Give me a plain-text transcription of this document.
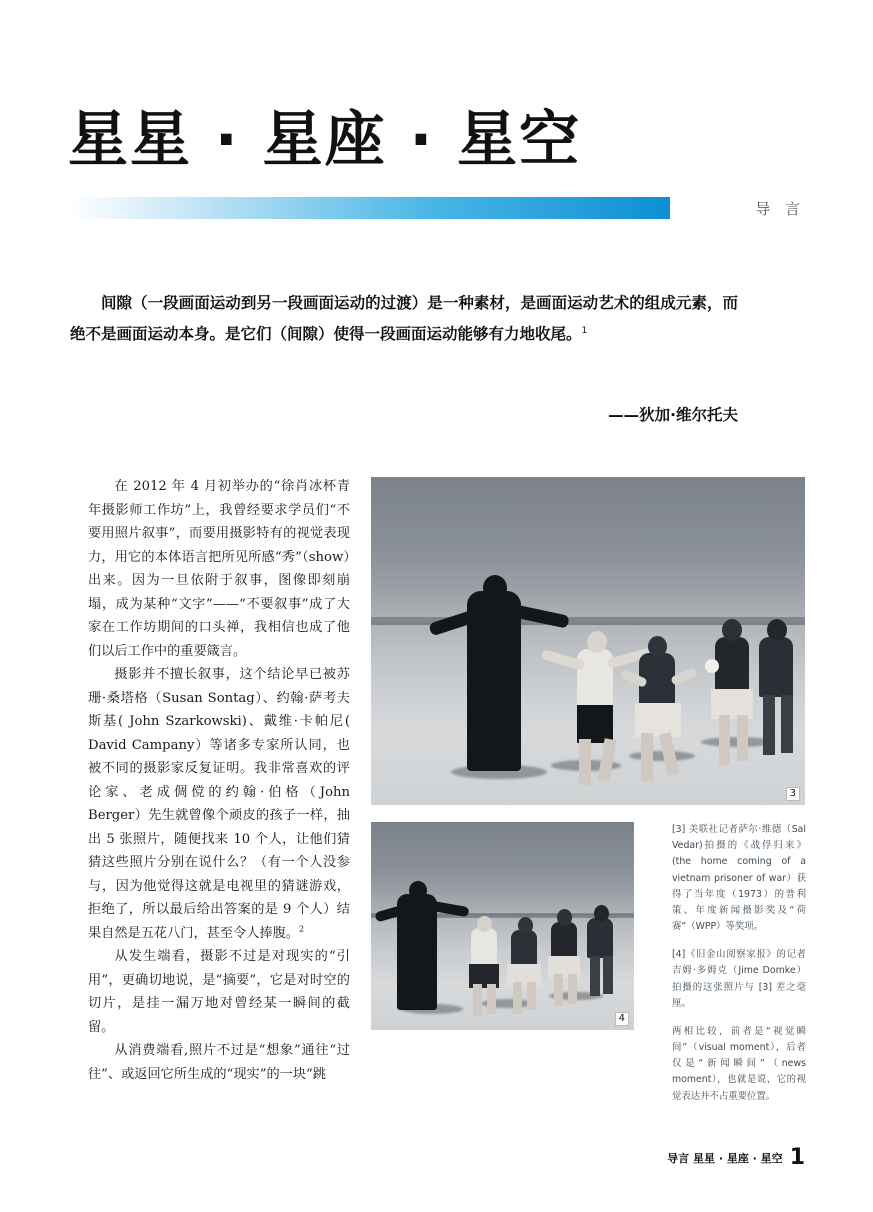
星星 · 星座 · 星空
导 言
间隙（一段画面运动到另一段画面运动的过渡）是一种素材，是画面运动艺术的组成元素，而绝不是画面运动本身。是它们（间隙）使得一段画面运动能够有力地收尾。$^1$
——狄加·维尔托夫

在 2012 年 4 月初举办的“徐肖冰杯青年摄影师工作坊”上，我曾经要求学员们“不要用照片叙事”，而要用摄影特有的视觉表现力，用它的本体语言把所见所感“秀”（show）出来。因为一旦依附于叙事，图像即刻崩塌，成为某种“文字”——“不要叙事”成了大家在工作坊期间的口头禅，我相信也成了他们以后工作中的重要箴言。

摄影并不擅长叙事，这个结论早已被苏珊·桑塔格（Susan Sontag）、约翰·萨考夫斯基( John Szarkowski)、戴维·卡帕尼( David Campany）等诸多专家所认同，也被不同的摄影家反复证明。我非常喜欢的评论家、老成倜傥的约翰·伯格（John Berger）先生就曾像个顽皮的孩子一样，抽出 5 张照片，随便找来 10 个人，让他们猜猜这些照片分别在说什么？（有一个人没参与，因为他觉得这就是电视里的猜谜游戏，拒绝了，所以最后给出答案的是 9 个人）结果自然是五花八门，甚至令人捧腹。$^2$

从发生端看，摄影不过是对现实的“引用”，更确切地说，是“摘要”，它是对时空的切片，是挂一漏万地对曾经某一瞬间的截留。

从消费端看,照片不过是“想象”通往“过往”、或返回它所生成的“现实”的一块“跳

3
4

[3] 美联社记者萨尔·维德（Sal Vedar)拍摄的《战俘归来》(the home coming of a vietnam prisoner of war）获得了当年度（1973）的普利策、年度新闻摄影奖及“荷赛”（WPP）等奖项。

[4]《旧金山阅察家报》的记者吉姆·多姆克（Jime Domke）拍摄的这张照片与 [3] 差之毫厘。

两相比较，前者是“视觉瞬间”（visual moment），后者仅是“新闻瞬间”（news moment），也就是说，它的视觉表达并不占重要位置。

导言 星星 · 星座 · 星空 1
